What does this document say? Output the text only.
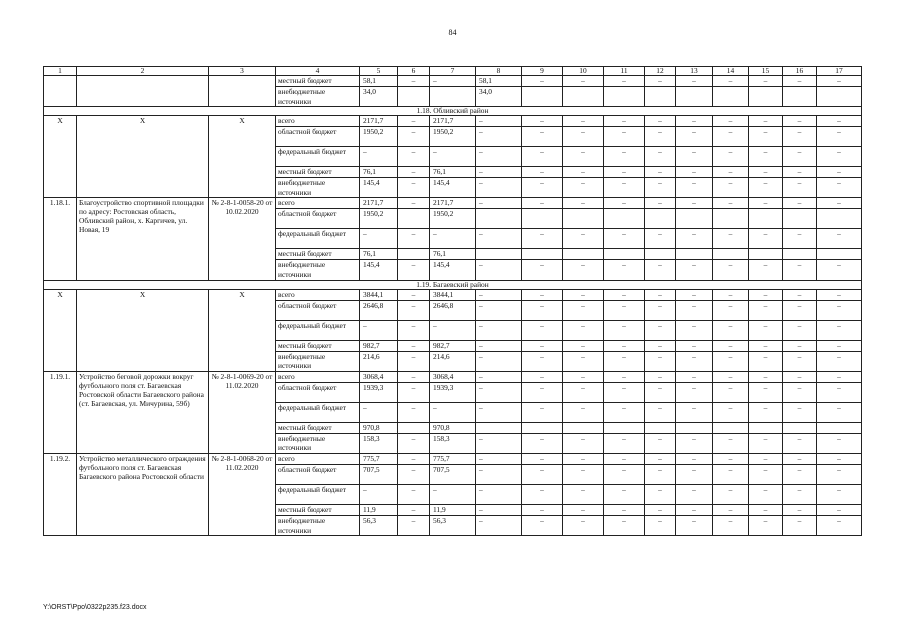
84
1	2	3	4	5	6	7	8	9	10	11	12	13	14	15	16	17
			местный бюджет	58,1	–	–	58,1	–	–	–	–	–	–	–	–	–
			внебюджетные источники	34,0			34,0									
1.18. Обливский район																
Х	Х	Х	всего	2171,7	–	2171,7	–	–	–	–	–	–	–	–	–	–
			областной бюджет	1950,2	–	1950,2	–	–	–	–	–	–	–	–	–	–
			федеральный бюджет	–	–	–	–	–	–	–	–	–	–	–	–	–
			местный бюджет	76,1	–	76,1	–	–	–	–	–	–	–	–	–	–
			внебюджетные источники	145,4	–	145,4	–	–	–	–	–	–	–	–	–	–
1.18.1.	Благоустройство спортивной площадки по адресу: Ростовская область, Обливский район, х. Каргичев, ул. Новая, 19	№ 2-8-1-0058-20 от 10.02.2020	всего	2171,7	–	2171,7	–	–	–	–	–	–	–	–	–	–
			областной бюджет	1950,2		1950,2										
			федеральный бюджет	–	–	–	–	–	–	–	–	–	–	–	–	–
			местный бюджет	76,1		76,1										
			внебюджетные источники	145,4	–	145,4	–	–	–	–	–	–	–	–	–	–
1.19. Багаевский район																
Х	Х	Х	всего	3844,1	–	3844,1	–	–	–	–	–	–	–	–	–	–
			областной бюджет	2646,8	–	2646,8	–	–	–	–	–	–	–	–	–	–
			федеральный бюджет	–	–	–	–	–	–	–	–	–	–	–	–	–
			местный бюджет	982,7	–	982,7	–	–	–	–	–	–	–	–	–	–
			внебюджетные источники	214,6	–	214,6	–	–	–	–	–	–	–	–	–	–
1.19.1.	Устройство беговой дорожки вокруг футбольного поля ст. Багаевская Ростовской области Багаевского района (ст. Багаевская, ул. Мичурина, 59б)	№ 2-8-1-0069-20 от 11.02.2020	всего	3068,4	–	3068,4	–	–	–	–	–	–	–	–	–	–
			областной бюджет	1939,3	–	1939,3	–	–	–	–	–	–	–	–	–	–
			федеральный бюджет	–	–	–	–	–	–	–	–	–	–	–	–	–
			местный бюджет	970,8		970,8										
			внебюджетные источники	158,3	–	158,3	–	–	–	–	–	–	–	–	–	–
1.19.2.	Устройство металлического ограждения футбольного поля ст. Багаевская Багаевского района Ростовской области	№ 2-8-1-0068-20 от 11.02.2020	всего	775,7	–	775,7	–	–	–	–	–	–	–	–	–	–
			областной бюджет	707,5	–	707,5	–	–	–	–	–	–	–	–	–	–
			федеральный бюджет	–	–	–	–	–	–	–	–	–	–	–	–	–
			местный бюджет	11,9	–	11,9	–	–	–	–	–	–	–	–	–	–
			внебюджетные источники	56,3	–	56,3	–	–	–	–	–	–	–	–	–	–
Y:\ORST\Ppo\0322p235.f23.docx
